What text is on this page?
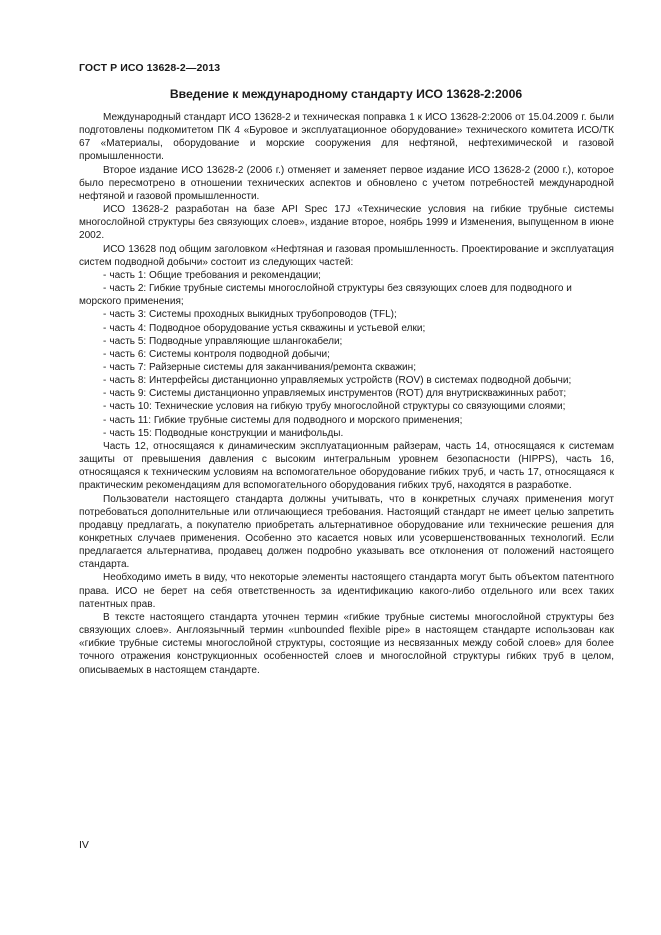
ГОСТ Р ИСО 13628-2—2013
Введение к международному стандарту ИСО 13628-2:2006

Международный стандарт ИСО 13628-2 и техническая поправка 1 к ИСО 13628-2:2006 от 15.04.2009 г. были подготовлены подкомитетом ПК 4 «Буровое и эксплуатационное оборудование» технического комитета ИСО/ТК 67 «Материалы, оборудование и морские сооружения для нефтяной, нефтехимической и газовой промышленности.

Второе издание ИСО 13628-2 (2006 г.) отменяет и заменяет первое издание ИСО 13628-2 (2000 г.), которое было пересмотрено в отношении технических аспектов и обновлено с учетом потребностей международной нефтяной и газовой промышленности.

ИСО 13628-2 разработан на базе API Spec 17J «Технические условия на гибкие трубные системы многослойной структуры без связующих слоев», издание второе, ноябрь 1999 и Изменения, выпущенном в июне 2002.

ИСО 13628 под общим заголовком «Нефтяная и газовая промышленность. Проектирование и эксплуатация систем подводной добычи» состоит из следующих частей:

- часть 1: Общие требования и рекомендации;
- часть 2: Гибкие трубные системы многослойной структуры без связующих слоев для подводного и морского применения;
- часть 3: Системы проходных выкидных трубопроводов (TFL);
- часть 4: Подводное оборудование устья скважины и устьевой елки;
- часть 5: Подводные управляющие шлангокабели;
- часть 6: Системы контроля подводной добычи;
- часть 7: Райзерные системы для заканчивания/ремонта скважин;
- часть 8: Интерфейсы дистанционно управляемых устройств (ROV) в системах подводной добычи;
- часть 9: Системы дистанционно управляемых инструментов (ROT) для внутрискважинных работ;
- часть 10: Технические условия на гибкую трубу многослойной структуры со связующими слоями;
- часть 11: Гибкие трубные системы для подводного и морского применения;
- часть 15: Подводные конструкции и манифольды.

Часть 12, относящаяся к динамическим эксплуатационным райзерам, часть 14, относящаяся к системам защиты от превышения давления с высоким интегральным уровнем безопасности (HIPPS), часть 16, относящаяся к техническим условиям на вспомогательное оборудование гибких труб, и часть 17, относящаяся к практическим рекомендациям для вспомогательного оборудования гибких труб, находятся в разработке.

Пользователи настоящего стандарта должны учитывать, что в конкретных случаях применения могут потребоваться дополнительные или отличающиеся требования. Настоящий стандарт не имеет целью запретить продавцу предлагать, а покупателю приобретать альтернативное оборудование или технические решения для конкретных случаев применения. Особенно это касается новых или усовершенствованных технологий. Если предлагается альтернатива, продавец должен подробно указывать все отклонения от положений настоящего стандарта.

Необходимо иметь в виду, что некоторые элементы настоящего стандарта могут быть объектом патентного права. ИСО не берет на себя ответственность за идентификацию какого-либо отдельного или всех таких патентных прав.

В тексте настоящего стандарта уточнен термин «гибкие трубные системы многослойной структуры без связующих слоев». Англоязычный термин «unbounded flexible pipe» в настоящем стандарте использован как «гибкие трубные системы многослойной структуры, состоящие из несвязанных между собой слоев» для более точного отражения конструкционных особенностей слоев и многослойной структуры гибких труб в целом, описываемых в настоящем стандарте.

IV
